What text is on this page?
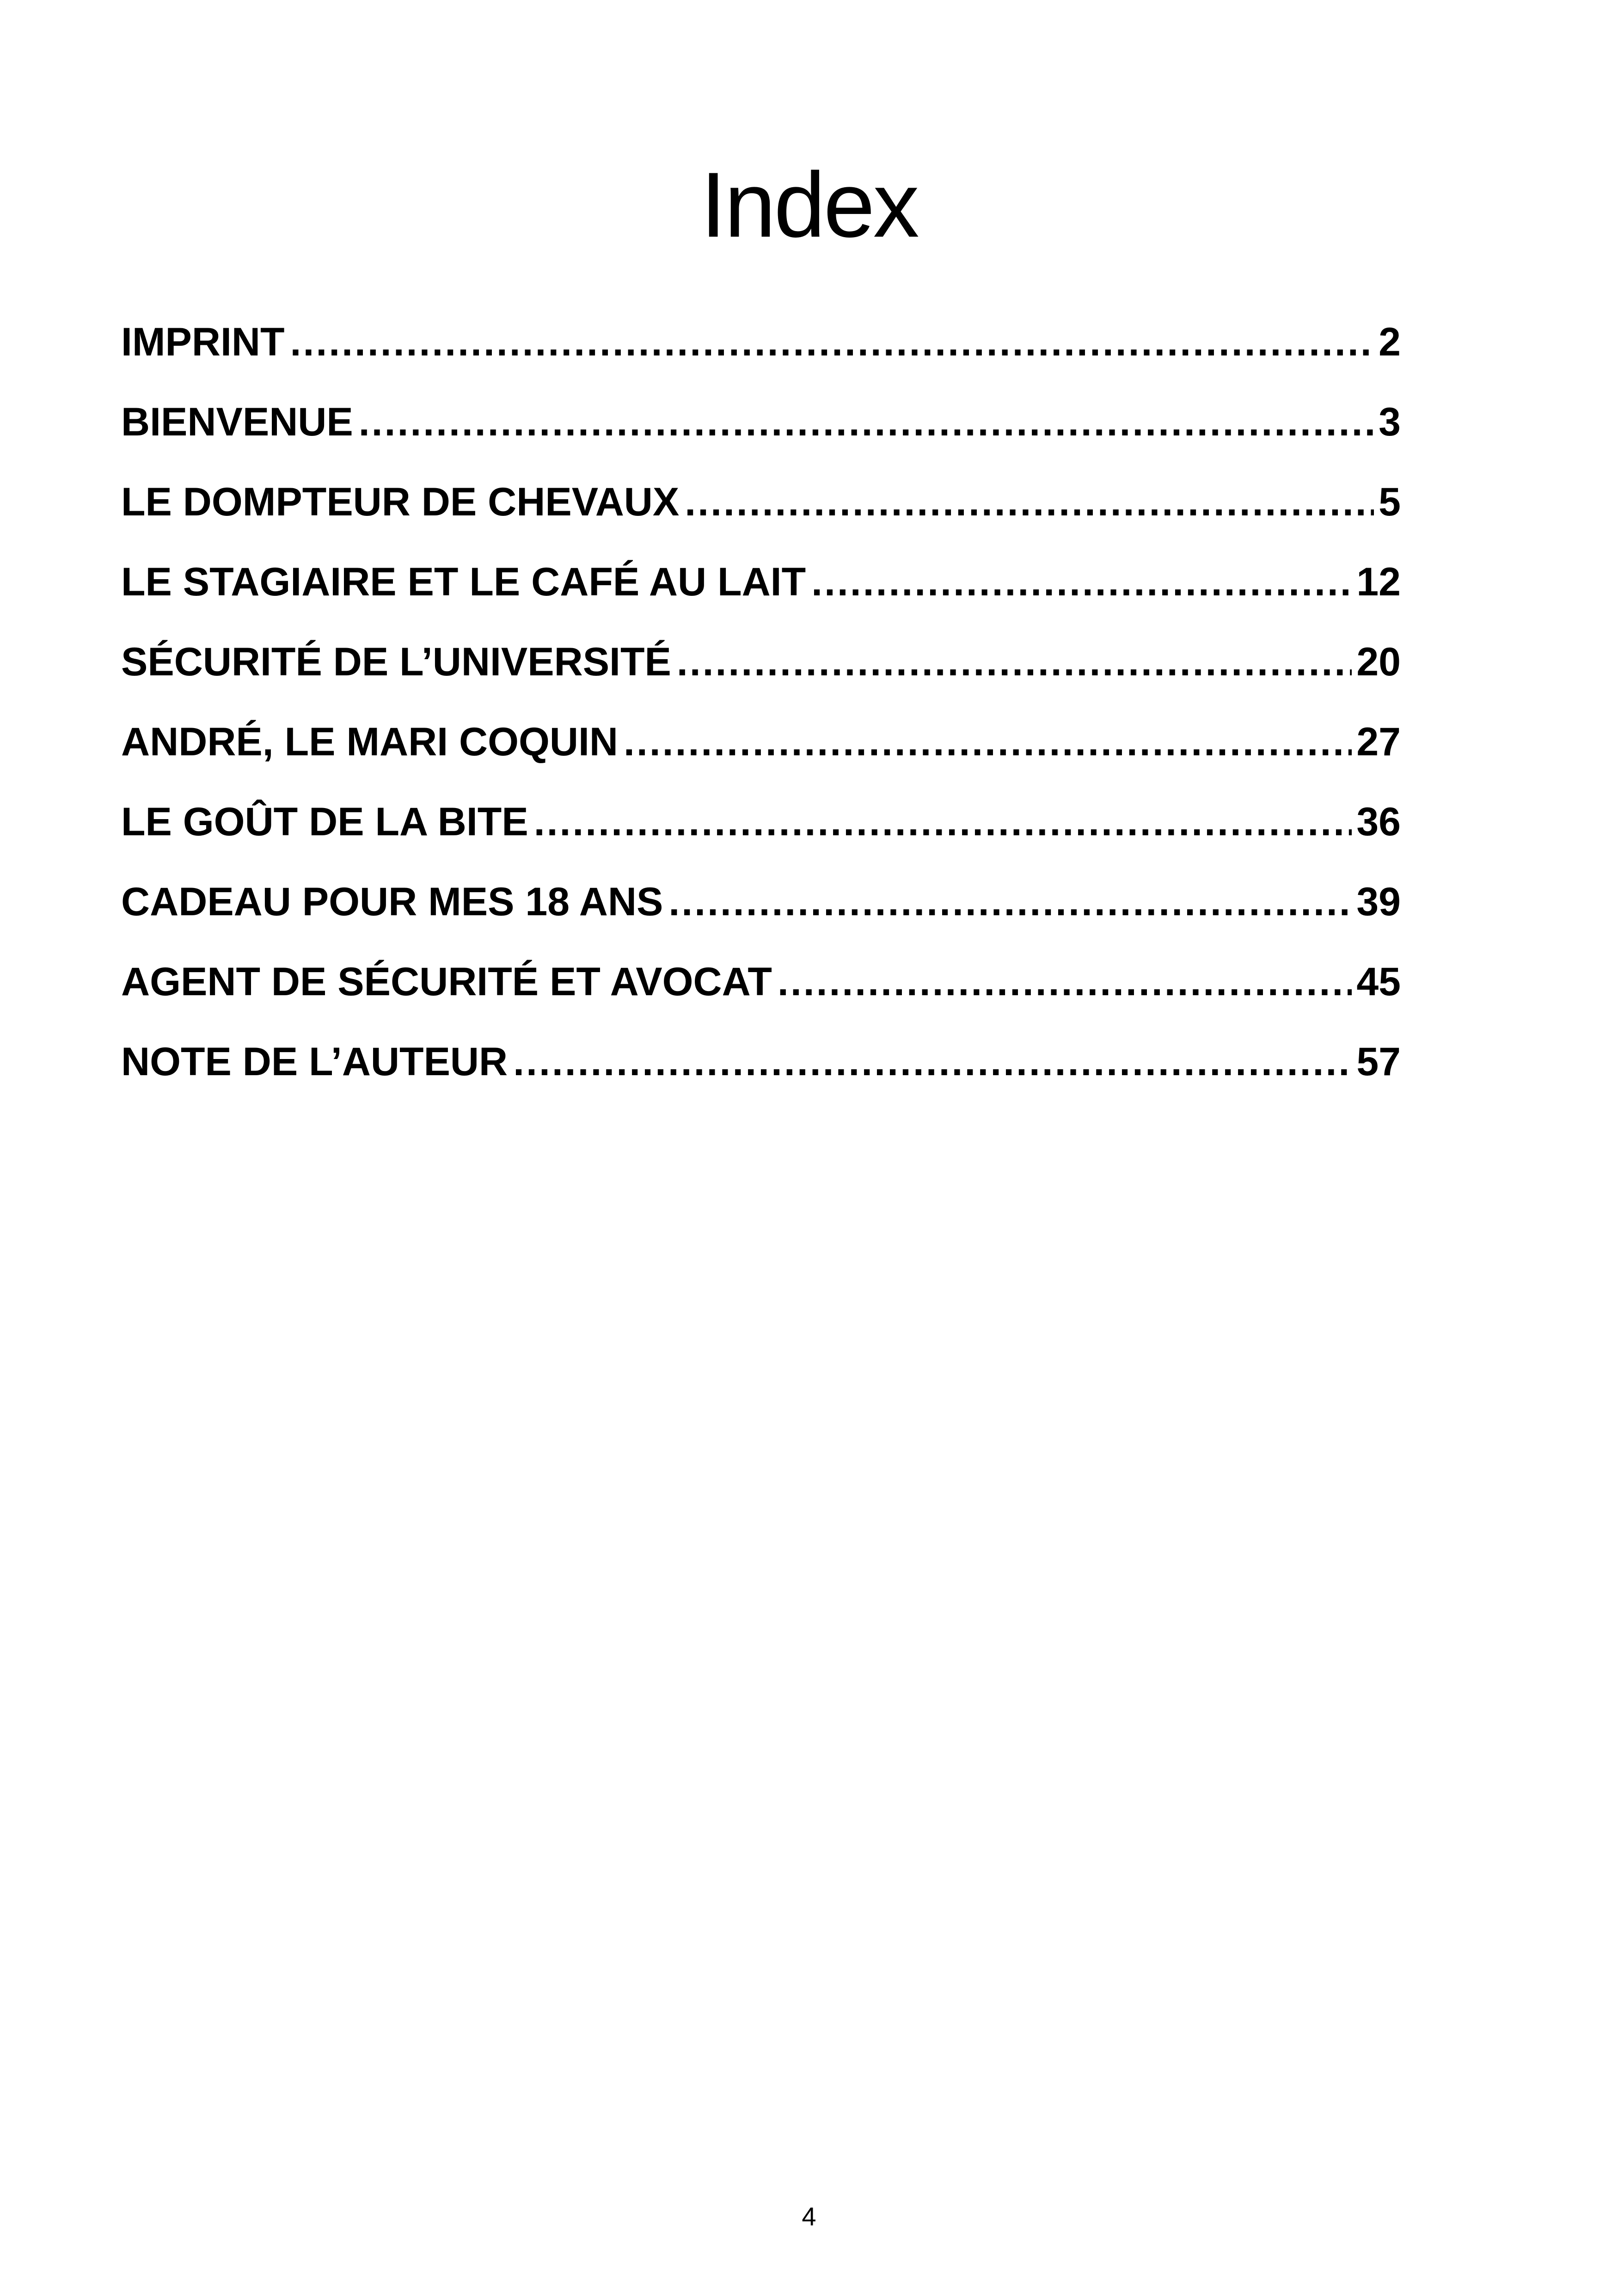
Index
IMPRINT .....	2
BIENVENUE .....	3
LE DOMPTEUR DE CHEVAUX .....	5
LE STAGIAIRE ET LE CAFÉ AU LAIT .....	12
SÉCURITÉ DE L’UNIVERSITÉ .....	20
ANDRÉ, LE MARI COQUIN .....	27
LE GOÛT DE LA BITE .....	36
CADEAU POUR MES 18 ANS .....	39
AGENT DE SÉCURITÉ ET AVOCAT .....	45
NOTE DE L’AUTEUR .....	57
4
